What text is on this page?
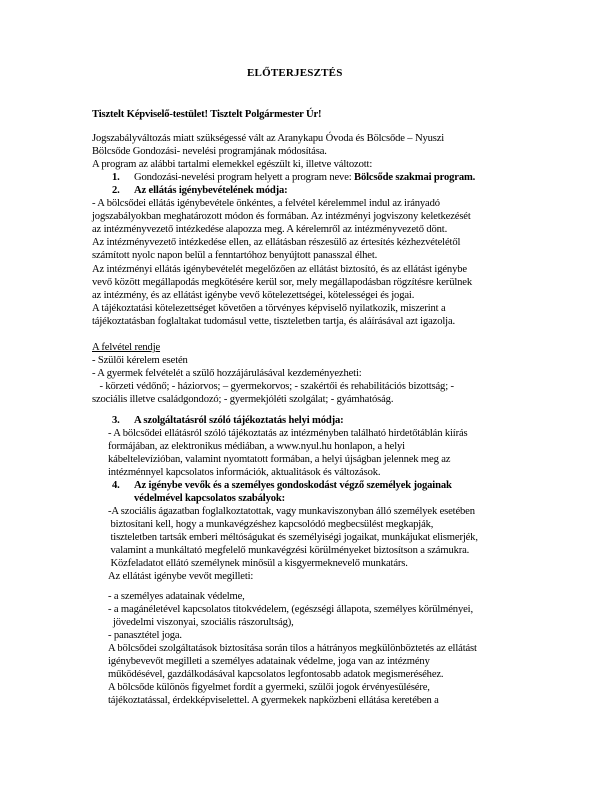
ELŐTERJESZTÉS
Tisztelt Képviselő-testület! Tisztelt Polgármester Úr!
Jogszabályváltozás miatt szükségessé vált az Aranykapu Óvoda és Bölcsőde – Nyuszi
Bölcsőde Gondozási- nevelési programjának módosítása.
A program az alábbi tartalmi elemekkel egészült ki, illetve változott:
1. Gondozási-nevelési program helyett a program neve: Bölcsőde szakmai program.
2. Az ellátás igénybevételének módja:
- A bölcsődei ellátás igénybevétele önkéntes, a felvétel kérelemmel indul az irányadó
jogszabályokban meghatározott módon és formában. Az intézményi jogviszony keletkezését
az intézményvezető intézkedése alapozza meg. A kérelemről az intézményvezető dönt.
Az intézményvezető intézkedése ellen, az ellátásban részesülő az értesítés kézhezvételétől
számított nyolc napon belül a fenntartóhoz benyújtott panasszal élhet.
Az intézményi ellátás igénybevételét megelőzően az ellátást biztosító, és az ellátást igénybe
vevő között megállapodás megkötésére kerül sor, mely megállapodásban rögzítésre kerülnek
az intézmény, és az ellátást igénybe vevő kötelezettségei, kötelességei és jogai.
A tájékoztatási kötelezettséget követően a törvényes képviselő nyilatkozik, miszerint a
tájékoztatásban foglaltakat tudomásul vette, tiszteletben tartja, és aláírásával azt igazolja.
A felvétel rendje
- Szülői kérelem esetén
- A gyermek felvételét a szülő hozzájárulásával kezdeményezheti:
- körzeti védőnő; - háziorvos; – gyermekorvos; - szakértői és rehabilitációs bizottság; -
szociális illetve családgondozó; - gyermekjóléti szolgálat; - gyámhatóság.
3. A szolgáltatásról szóló tájékoztatás helyi módja:
- A bölcsődei ellátásról szóló tájékoztatás az intézményben található hirdetőtáblán kiírás
formájában, az elektronikus médiában, a www.nyul.hu honlapon, a helyi
kábeltelevízióban, valamint nyomtatott formában, a helyi újságban jelennek meg az
intézménnyel kapcsolatos információk, aktualitások és változások.
4. Az igénybe vevők és a személyes gondoskodást végző személyek jogainak
védelmével kapcsolatos szabályok:
-A szociális ágazatban foglalkoztatottak, vagy munkaviszonyban álló személyek esetében
biztosítani kell, hogy a munkavégzéshez kapcsolódó megbecsülést megkapják,
tiszteletben tartsák emberi méltóságukat és személyiségi jogaikat, munkájukat elismerjék,
valamint a munkáltató megfelelő munkavégzési körülményeket biztosítson a számukra.
Közfeladatot ellátó személynek minősül a kisgyermeknevelő munkatárs.
Az ellátást igénybe vevőt megilleti:
- a személyes adatainak védelme,
- a magánéletével kapcsolatos titokvédelem, (egészségi állapota, személyes körülményei,
jövedelmi viszonyai, szociális rászorultság),
- panasztétel joga.
A bölcsődei szolgáltatások biztosítása során tilos a hátrányos megkülönböztetés az ellátást
igénybevevőt megilleti a személyes adatainak védelme, joga van az intézmény
működésével, gazdálkodásával kapcsolatos legfontosabb adatok megismeréséhez.
A bölcsőde különös figyelmet fordít a gyermeki, szülői jogok érvényesülésére,
tájékoztatással, érdekképviselettel. A gyermekek napközbeni ellátása keretében a
